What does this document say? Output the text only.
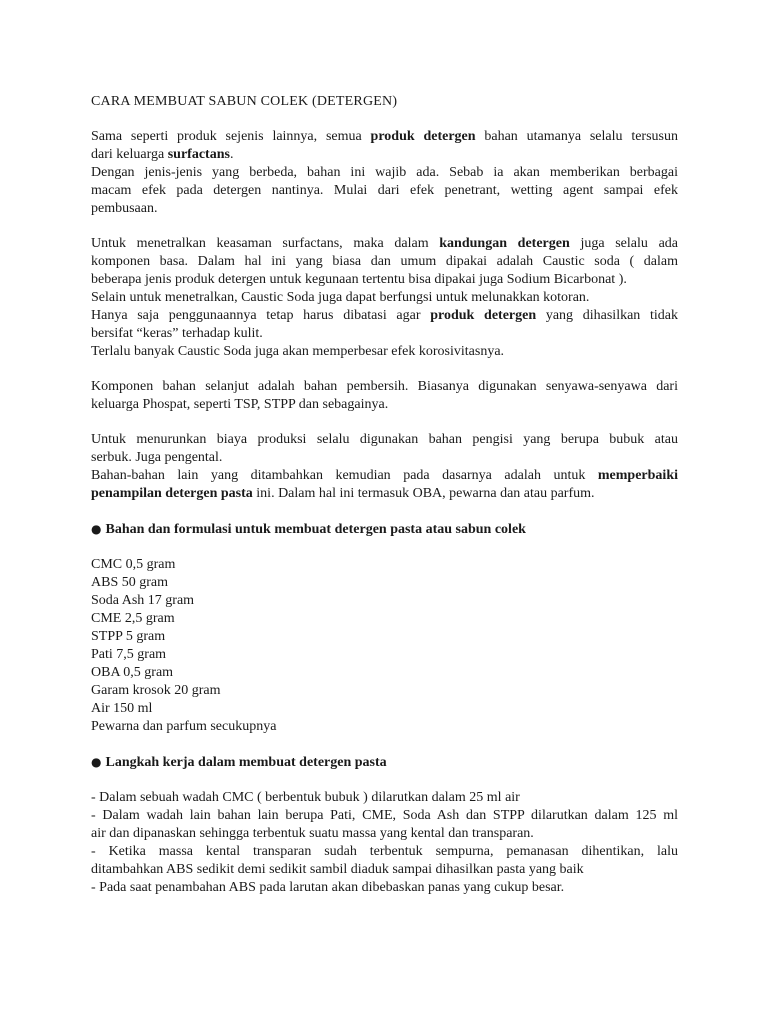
CARA MEMBUAT SABUN COLEK (DETERGEN)
Sama seperti produk sejenis lainnya, semua produk detergen bahan utamanya selalu tersusun
dari keluarga surfactans.
Dengan jenis-jenis yang berbeda, bahan ini wajib ada. Sebab ia akan memberikan berbagai
macam efek pada detergen nantinya. Mulai dari efek penetrant, wetting agent sampai efek
pembusaan.
Untuk menetralkan keasaman surfactans, maka dalam kandungan detergen juga selalu ada
komponen basa. Dalam hal ini yang biasa dan umum dipakai adalah Caustic soda ( dalam
beberapa jenis produk detergen untuk kegunaan tertentu bisa dipakai juga Sodium Bicarbonat ).
Selain untuk menetralkan, Caustic Soda juga dapat berfungsi untuk melunakkan kotoran.
Hanya saja penggunaannya tetap harus dibatasi agar produk detergen yang dihasilkan tidak
bersifat “keras” terhadap kulit.
Terlalu banyak Caustic Soda juga akan memperbesar efek korosivitasnya.
Komponen bahan selanjut adalah bahan pembersih. Biasanya digunakan senyawa-senyawa dari
keluarga Phospat, seperti TSP, STPP dan sebagainya.
Untuk menurunkan biaya produksi selalu digunakan bahan pengisi yang berupa bubuk atau
serbuk. Juga pengental.
Bahan-bahan lain yang ditambahkan kemudian pada dasarnya adalah untuk memperbaiki
penampilan detergen pasta ini. Dalam hal ini termasuk OBA, pewarna dan atau parfum.
● Bahan dan formulasi untuk membuat detergen pasta atau sabun colek
CMC 0,5 gram
ABS 50 gram
Soda Ash 17 gram
CME 2,5 gram
STPP 5 gram
Pati 7,5 gram
OBA 0,5 gram
Garam krosok 20 gram
Air 150 ml
Pewarna dan parfum secukupnya
● Langkah kerja dalam membuat detergen pasta
- Dalam sebuah wadah CMC ( berbentuk bubuk ) dilarutkan dalam 25 ml air
- Dalam wadah lain bahan lain berupa Pati, CME, Soda Ash dan STPP dilarutkan dalam 125 ml
air dan dipanaskan sehingga terbentuk suatu massa yang kental dan transparan.
- Ketika massa kental transparan sudah terbentuk sempurna, pemanasan dihentikan, lalu
ditambahkan ABS sedikit demi sedikit sambil diaduk sampai dihasilkan pasta yang baik
- Pada saat penambahan ABS pada larutan akan dibebaskan panas yang cukup besar.
